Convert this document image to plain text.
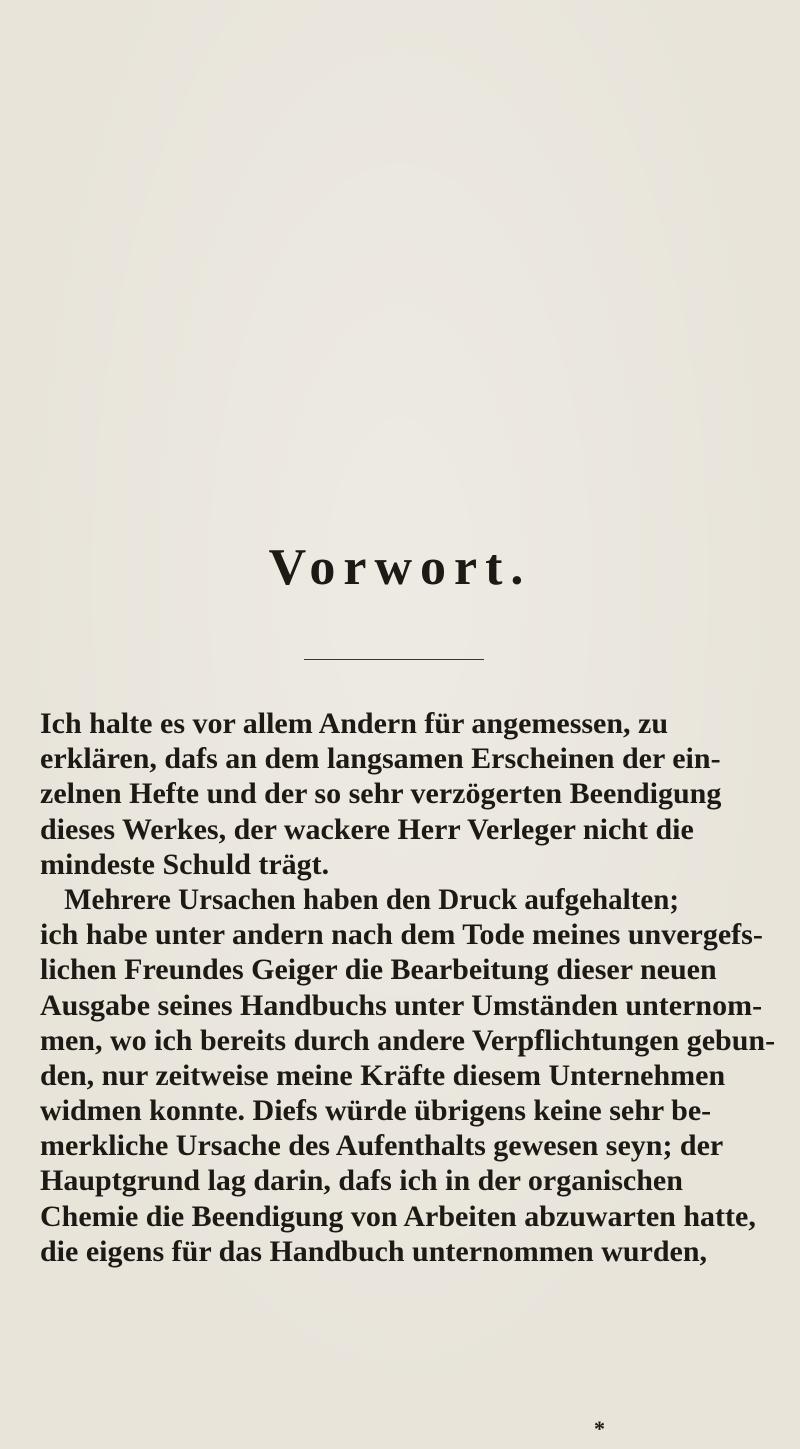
Vorwort.

Ich halte es vor allem Andern für angemessen, zu
erklären, dafs an dem langsamen Erscheinen der ein-
zelnen Hefte und der so sehr verzögerten Beendigung
dieses Werkes, der wackere Herr Verleger nicht die
mindeste Schuld trägt.

Mehrere Ursachen haben den Druck aufgehalten;
ich habe unter andern nach dem Tode meines unvergefs-
lichen Freundes Geiger die Bearbeitung dieser neuen
Ausgabe seines Handbuchs unter Umständen unternom-
men, wo ich bereits durch andere Verpflichtungen gebun-
den, nur zeitweise meine Kräfte diesem Unternehmen
widmen konnte. Diefs würde übrigens keine sehr be-
merkliche Ursache des Aufenthalts gewesen seyn; der
Hauptgrund lag darin, dafs ich in der organischen
Chemie die Beendigung von Arbeiten abzuwarten hatte,
die eigens für das Handbuch unternommen wurden,

*
